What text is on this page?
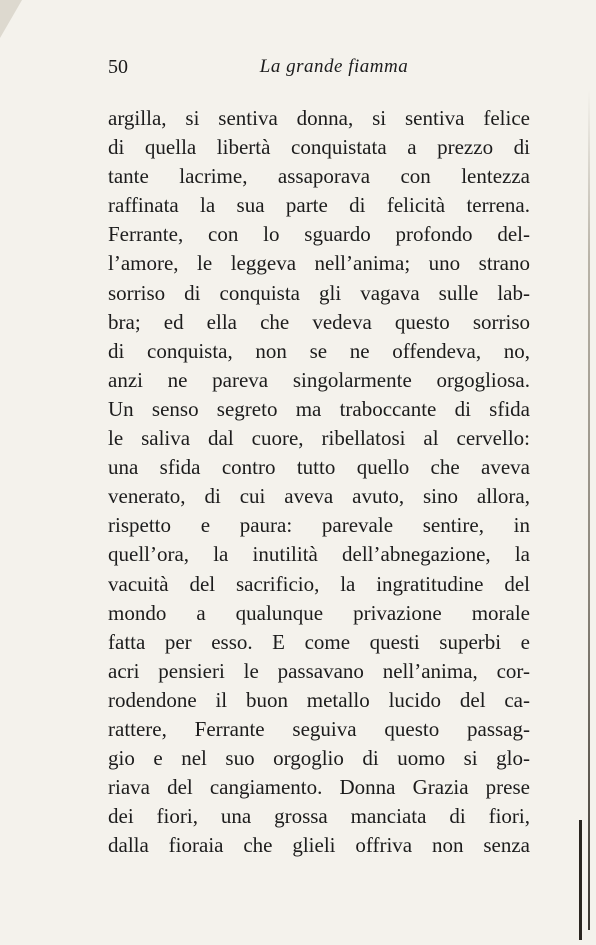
50	La grande fiamma
argilla, si sentiva donna, si sentiva felice
di quella libertà conquistata a prezzo di
tante lacrime, assaporava con lentezza
raffinata la sua parte di felicità terrena.
Ferrante, con lo sguardo profondo del-
l’amore, le leggeva nell’anima; uno strano
sorriso di conquista gli vagava sulle lab-
bra; ed ella che vedeva questo sorriso
di conquista, non se ne offendeva, no,
anzi ne pareva singolarmente orgogliosa.
Un senso segreto ma traboccante di sfida
le saliva dal cuore, ribellatosi al cervello:
una sfida contro tutto quello che aveva
venerato, di cui aveva avuto, sino allora,
rispetto e paura: parevale sentire, in
quell’ora, la inutilità dell’abnegazione, la
vacuità del sacrificio, la ingratitudine del
mondo a qualunque privazione morale
fatta per esso. E come questi superbi e
acri pensieri le passavano nell’anima, cor-
rodendone il buon metallo lucido del ca-
rattere, Ferrante seguiva questo passag-
gio e nel suo orgoglio di uomo si glo-
riava del cangiamento. Donna Grazia prese
dei fiori, una grossa manciata di fiori,
dalla fioraia che glieli offriva non senza
